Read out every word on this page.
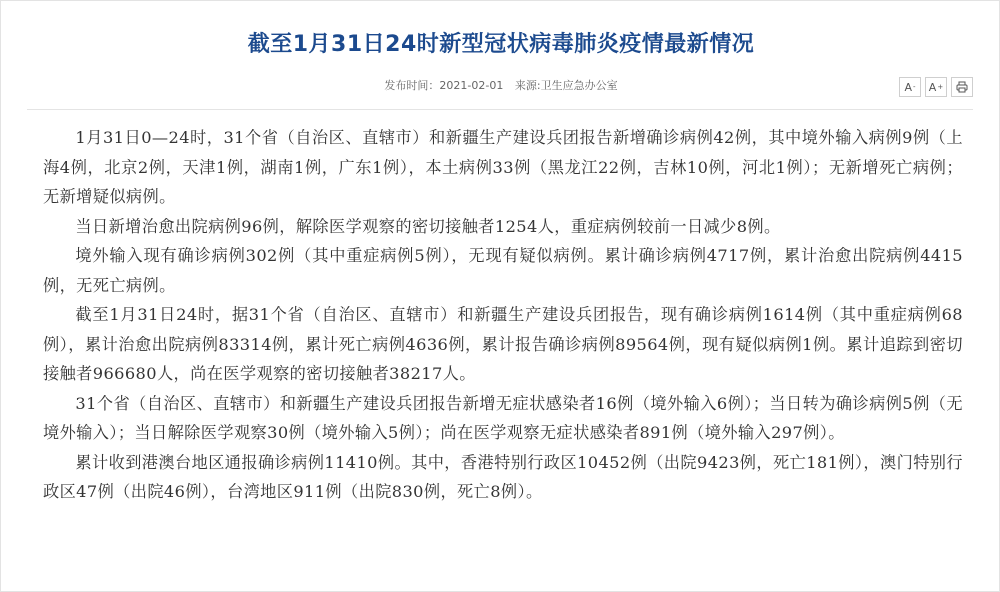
截至1月31日24时新型冠状病毒肺炎疫情最新情况
发布时间：2021-02-01 来源:卫生应急办公室	A - A +

1月31日0—24时，31个省（自治区、直辖市）和新疆生产建设兵团报告新增确诊病例42例，其中境外输入病例9例（上海4例，北京2例，天津1例，湖南1例，广东1例），本土病例33例（黑龙江22例，吉林10例，河北1例）；无新增死亡病例；无新增疑似病例。

当日新增治愈出院病例96例，解除医学观察的密切接触者1254人，重症病例较前一日减少8例。

境外输入现有确诊病例302例（其中重症病例5例），无现有疑似病例。累计确诊病例4717例，累计治愈出院病例4415例，无死亡病例。

截至1月31日24时，据31个省（自治区、直辖市）和新疆生产建设兵团报告，现有确诊病例1614例（其中重症病例68例），累计治愈出院病例83314例，累计死亡病例4636例，累计报告确诊病例89564例，现有疑似病例1例。累计追踪到密切接触者966680人，尚在医学观察的密切接触者38217人。

31个省（自治区、直辖市）和新疆生产建设兵团报告新增无症状感染者16例（境外输入6例）；当日转为确诊病例5例（无境外输入）；当日解除医学观察30例（境外输入5例）；尚在医学观察无症状感染者891例（境外输入297例）。

累计收到港澳台地区通报确诊病例11410例。其中，香港特别行政区10452例（出院9423例，死亡181例），澳门特别行政区47例（出院46例），台湾地区911例（出院830例，死亡8例）。
